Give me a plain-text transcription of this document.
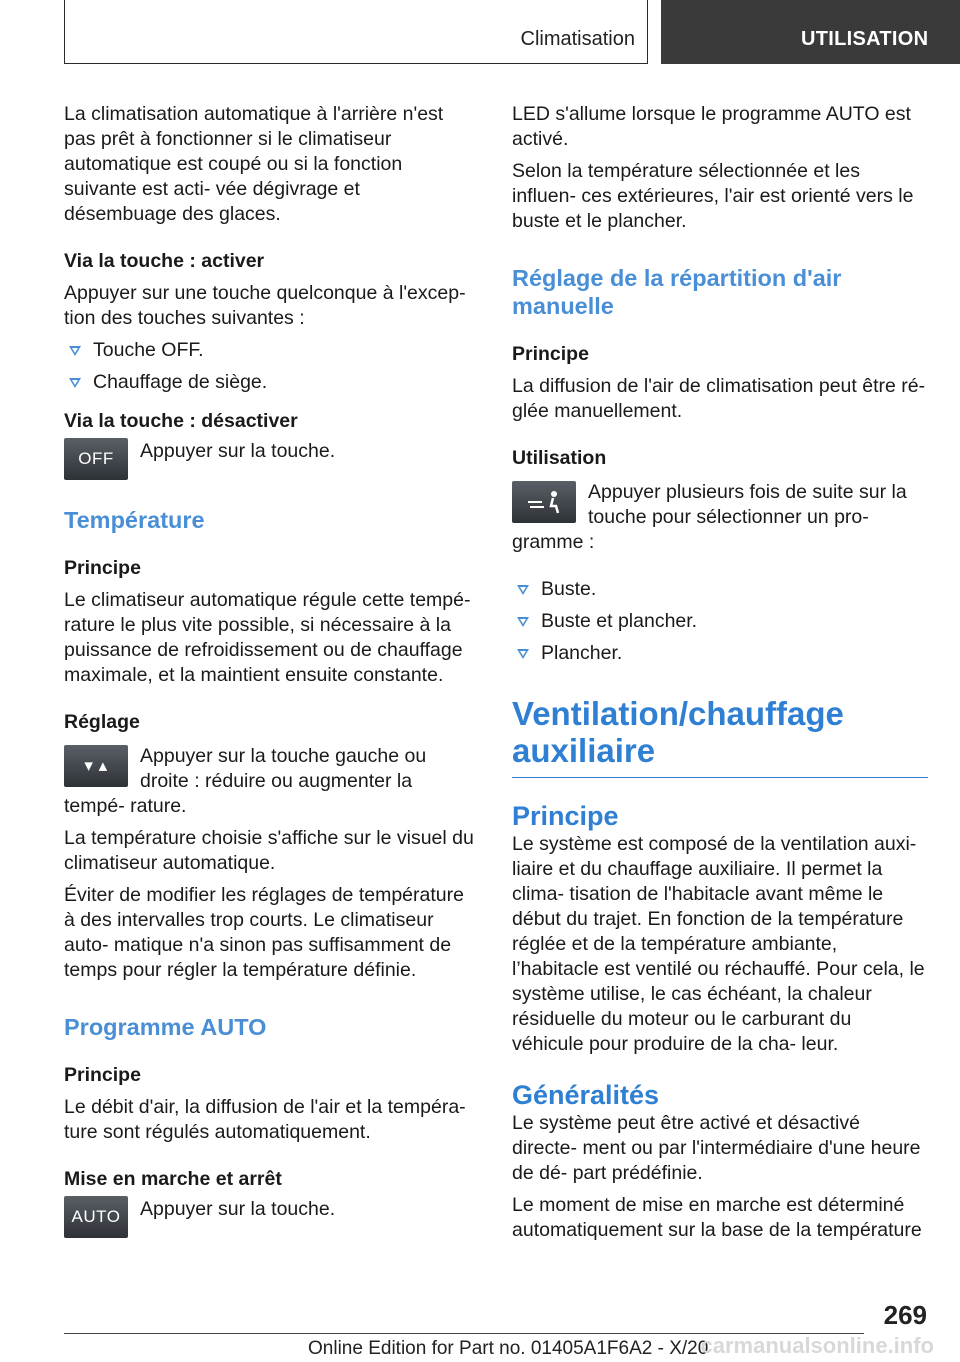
Climatisation	UTILISATION

La climatisation automatique à l'arrière n'est pas prêt à fonctionner si le climatiseur automatique est coupé ou si la fonction suivante est acti- vée dégivrage et désembuage des glaces.

Via la touche : activer

Appuyer sur une touche quelconque à l'excep- tion des touches suivantes :

Touche OFF.
Chauffage de siège.

Via la touche : désactiver

OFF	Appuyer sur la touche.

Température

Principe

Le climatiseur automatique régule cette tempé- rature le plus vite possible, si nécessaire à la puissance de refroidissement ou de chauffage maximale, et la maintient ensuite constante.

Réglage

▾ ▴	Appuyer sur la touche gauche ou droite : réduire ou augmenter la tempé- rature.

La température choisie s'affiche sur le visuel du climatiseur automatique.

Éviter de modifier les réglages de température à des intervalles trop courts. Le climatiseur auto- matique n'a sinon pas suffisamment de temps pour régler la température définie.

Programme AUTO

Principe

Le débit d'air, la diffusion de l'air et la tempéra- ture sont régulés automatiquement.

Mise en marche et arrêt

AUTO	Appuyer sur la touche.

LED s'allume lorsque le programme AUTO est activé.

Selon la température sélectionnée et les influen- ces extérieures, l'air est orienté vers le buste et le plancher.

Réglage de la répartition d'air manuelle

Principe

La diffusion de l'air de climatisation peut être ré- glée manuellement.

Utilisation

Appuyer plusieurs fois de suite sur la touche pour sélectionner un pro- gramme :

Buste.
Buste et plancher.
Plancher.

Ventilation/chauffage auxiliaire

Principe

Le système est composé de la ventilation auxi- liaire et du chauffage auxiliaire. Il permet la clima- tisation de l'habitacle avant même le début du trajet. En fonction de la température réglée et de la température ambiante, l’habitacle est ventilé ou réchauffé. Pour cela, le système utilise, le cas échéant, la chaleur résiduelle du moteur ou le carburant du véhicule pour produire de la cha- leur.

Généralités

Le système peut être activé et désactivé directe- ment ou par l'intermédiaire d'une heure de dé- part prédéfinie.

Le moment de mise en marche est déterminé automatiquement sur la base de la température

269
Online Edition for Part no. 01405A1F6A2 - X/20
carmanualsonline.info
